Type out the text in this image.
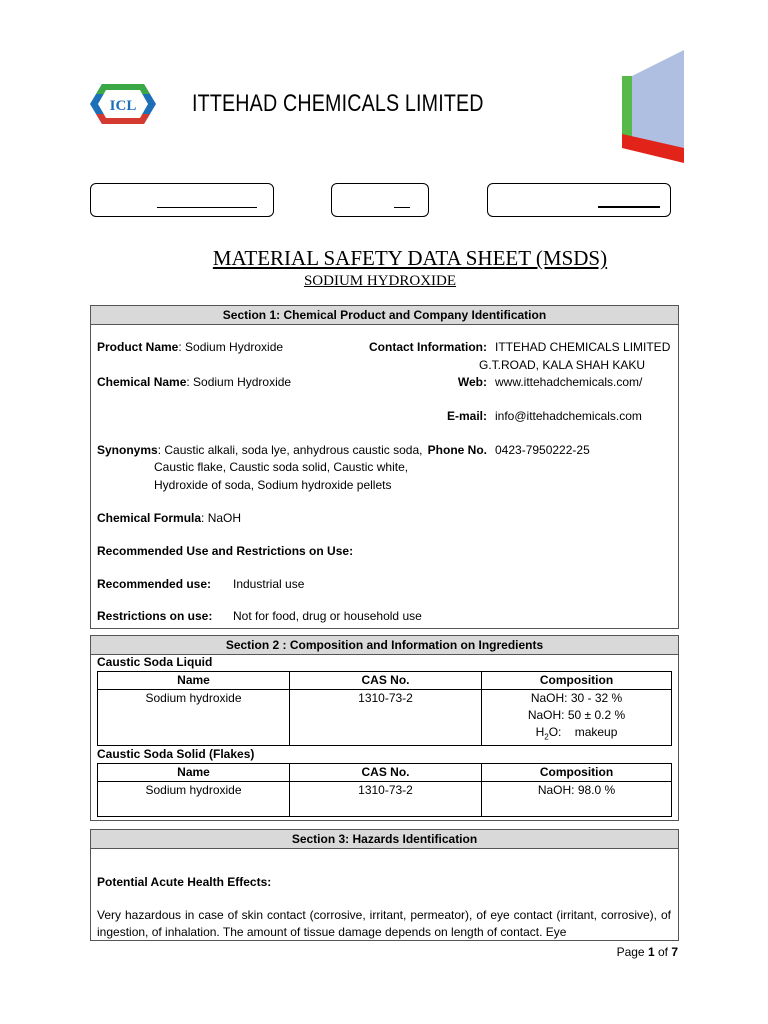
ICL ITTEHAD CHEMICALS LIMITED
MATERIAL SAFETY DATA SHEET (MSDS)
SODIUM HYDROXIDE
Section 1: Chemical Product and Company Identification
Product Name: Sodium Hydroxide
Chemical Name: Sodium Hydroxide
Contact Information: ITTEHAD CHEMICALS LIMITED
G.T.ROAD, KALA SHAH KAKU
Web: www.ittehadchemicals.com/
E-mail: info@ittehadchemicals.com
Synonyms: Caustic alkali, soda lye, anhydrous caustic soda,
Caustic flake, Caustic soda solid, Caustic white,
Hydroxide of soda, Sodium hydroxide pellets
Phone No. 0423-7950222-25
Chemical Formula: NaOH
Recommended Use and Restrictions on Use:
Recommended use: Industrial use
Restrictions on use: Not for food, drug or household use
Section 2 : Composition and Information on Ingredients
Caustic Soda Liquid
Name	CAS No.	Composition
Sodium hydroxide	1310-73-2	NaOH: 30 - 32 %
NaOH: 50 ± 0.2 %
$H_2O$:    makeup
Caustic Soda Solid (Flakes)
Name	CAS No.	Composition
Sodium hydroxide	1310-73-2	NaOH: 98.0 %
Section 3: Hazards Identification
Potential Acute Health Effects:
Very hazardous in case of skin contact (corrosive, irritant, permeator), of eye contact (irritant, corrosive), of ingestion, of inhalation. The amount of tissue damage depends on length of contact. Eye
Page 1 of 7
